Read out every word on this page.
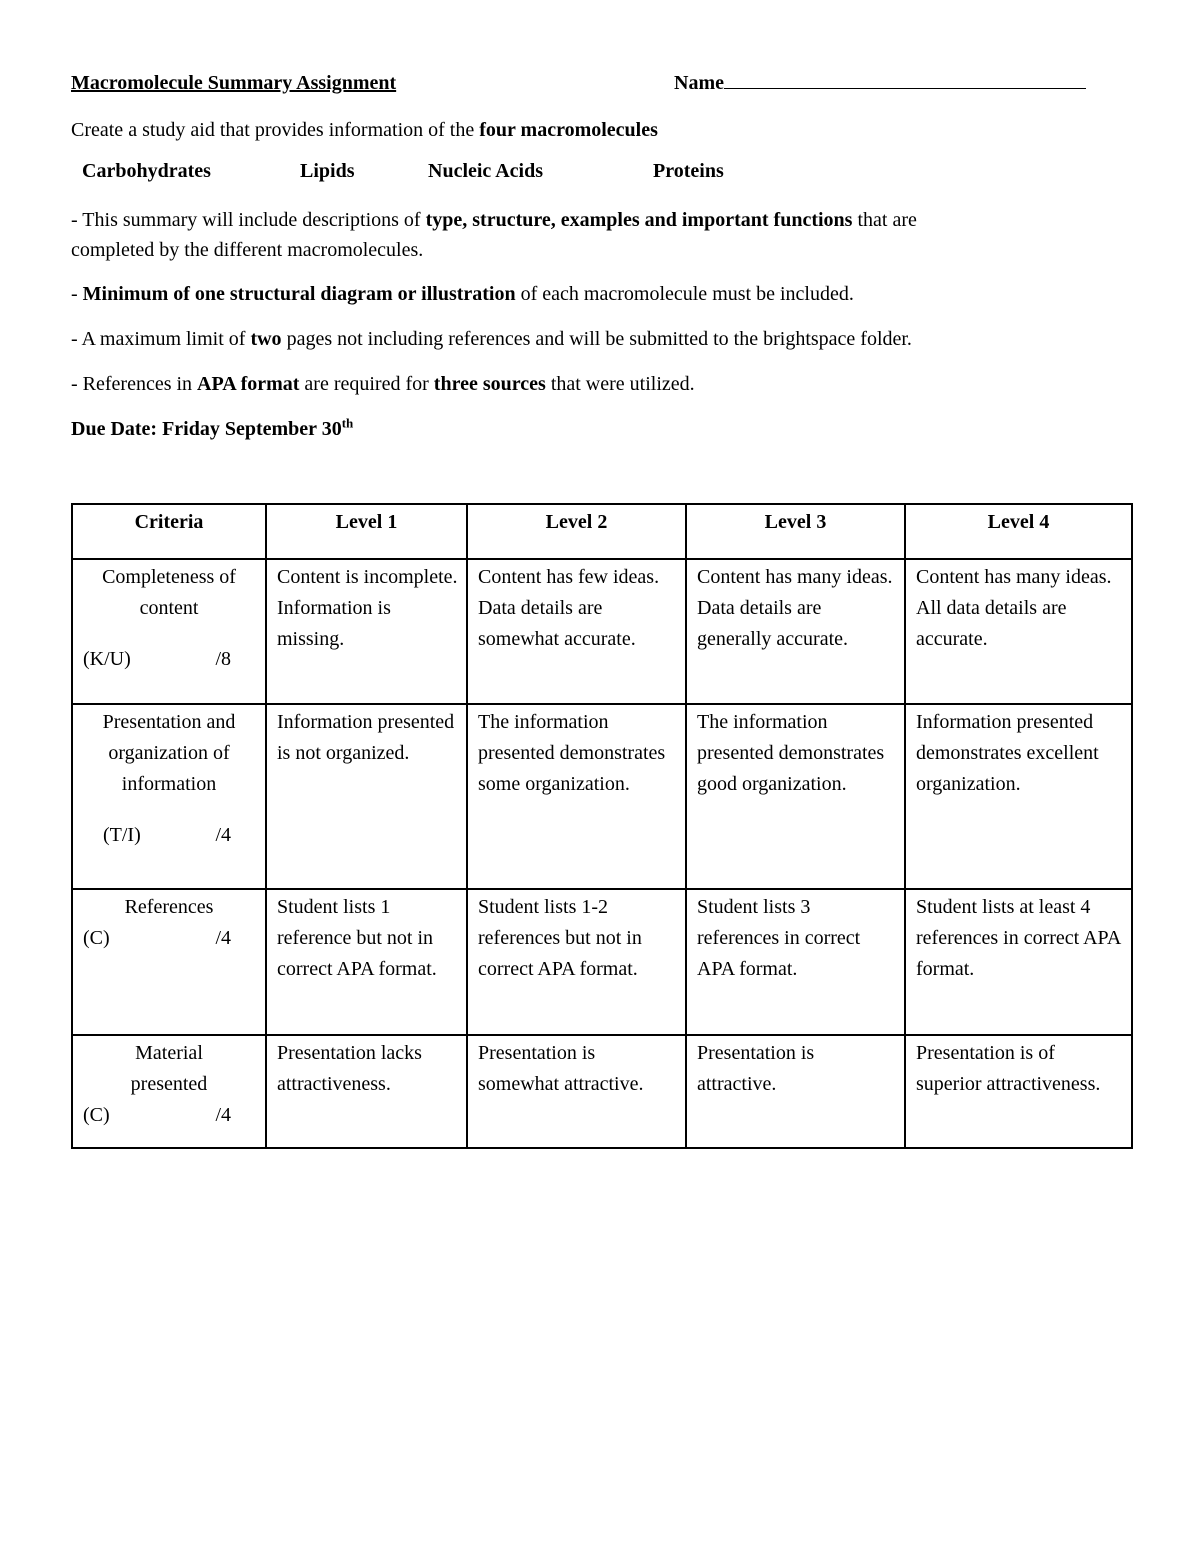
Macromolecule Summary Assignment	Name
Create a study aid that provides information of the four macromolecules
Carbohydrates	Lipids	Nucleic Acids	Proteins
- This summary will include descriptions of type, structure, examples and important functions that are
completed by the different macromolecules.
- Minimum of one structural diagram or illustration of each macromolecule must be included.
- A maximum limit of two pages not including references and will be submitted to the brightspace folder.
- References in APA format are required for three sources that were utilized.
Due Date: Friday September 30th
Criteria	Level 1	Level 2	Level 3	Level 4

Completeness of content
(K/U) /8	Content is incomplete. Information is missing.	Content has few ideas. Data details are somewhat accurate.	Content has many ideas. Data details are generally accurate.	Content has many ideas. All data details are accurate.

Presentation and organization of information
(T/I) /4	Information presented is not organized.	The information presented demonstrates some organization.	The information presented demonstrates good organization.	Information presented demonstrates excellent organization.

References
(C) /4	Student lists 1 reference but not in correct APA format.	Student lists 1-2 references but not in correct APA format.	Student lists 3 references in correct APA format.	Student lists at least 4 references in correct APA format.

Material presented
(C) /4	Presentation lacks attractiveness.	Presentation is somewhat attractive.	Presentation is attractive.	Presentation is of superior attractiveness.
